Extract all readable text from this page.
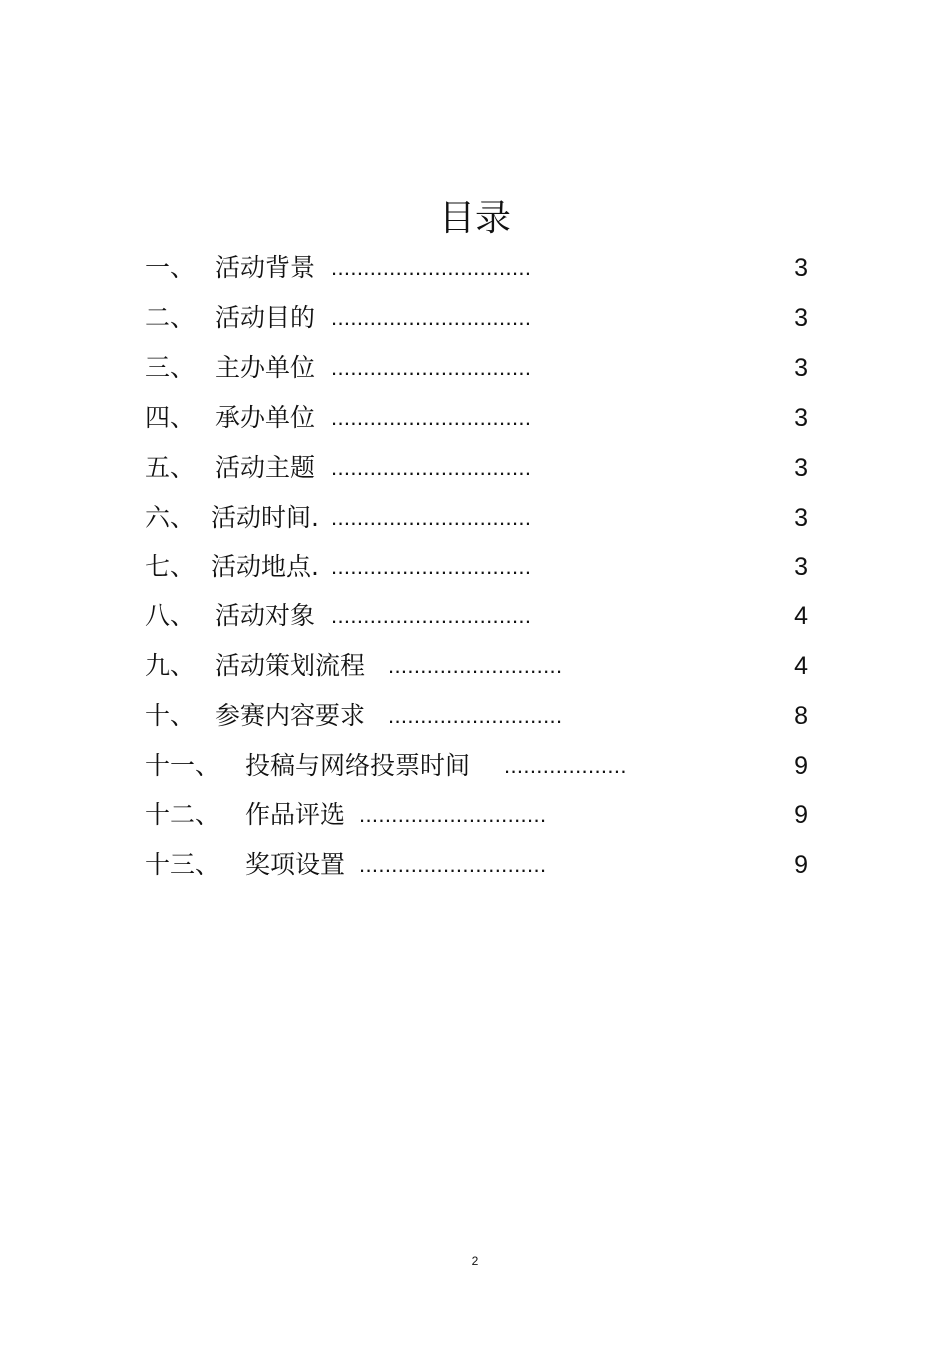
目录
一、 活动背景 ...............................	3
二、 活动目的 ...............................	3
三、 主办单位 ...............................	3
四、 承办单位 ...............................	3
五、 活动主题 ...............................	3
六、 活动时间. ...............................	3
七、 活动地点. ...............................	3
八、 活动对象 ...............................	4
九、 活动策划流程 ...........................	4
十、 参赛内容要求 ...........................	8
十一、 投稿与网络投票时间 ...................	9
十二、 作品评选 .............................	9
十三、 奖项设置 .............................	9
2
